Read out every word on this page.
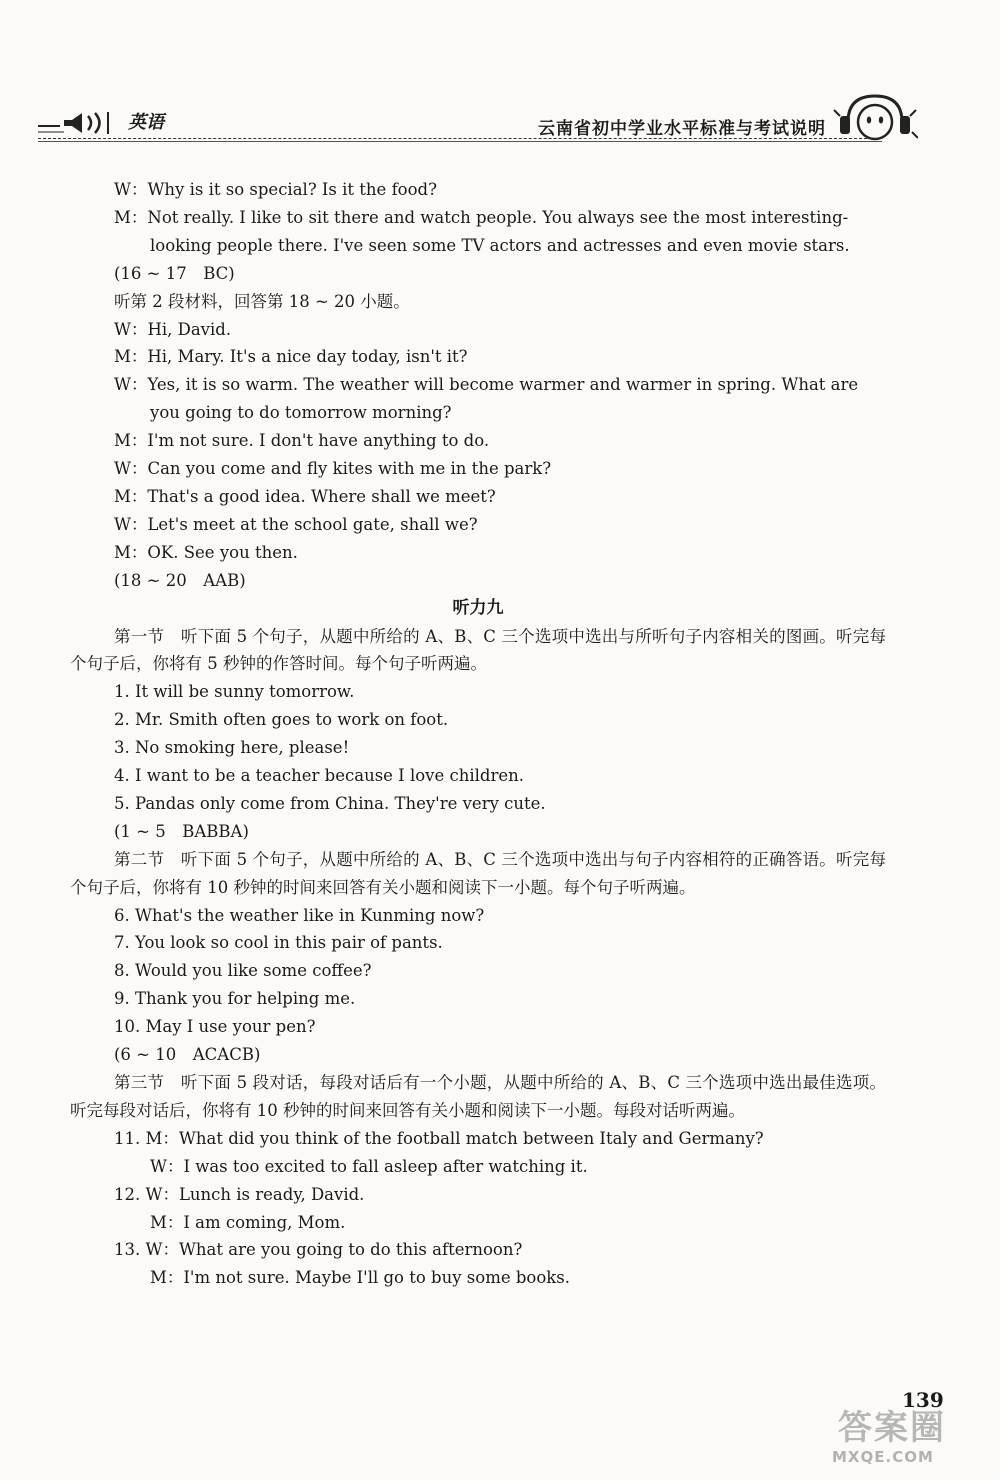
英语	云南省初中学业水平标准与考试说明
W：Why is it so special? Is it the food?
M：Not really. I like to sit there and watch people. You always see the most interesting-
looking people there. I've seen some TV actors and actresses and even movie stars.
(16 ~ 17　BC)
听第 2 段材料，回答第 18 ~ 20 小题。
W：Hi, David.
M：Hi, Mary. It's a nice day today, isn't it?
W：Yes, it is so warm. The weather will become warmer and warmer in spring. What are
you going to do tomorrow morning?
M：I'm not sure. I don't have anything to do.
W：Can you come and fly kites with me in the park?
M：That's a good idea. Where shall we meet?
W：Let's meet at the school gate, shall we?
M：OK. See you then.
(18 ~ 20　AAB)
听力九
第一节　听下面 5 个句子，从题中所给的 A、B、C 三个选项中选出与所听句子内容相关的图画。听完每个句子后，你将有 5 秒钟的作答时间。每个句子听两遍。
1. It will be sunny tomorrow.
2. Mr. Smith often goes to work on foot.
3. No smoking here, please!
4. I want to be a teacher because I love children.
5. Pandas only come from China. They're very cute.
(1 ~ 5　BABBA)
第二节　听下面 5 个句子，从题中所给的 A、B、C 三个选项中选出与句子内容相符的正确答语。听完每个句子后，你将有 10 秒钟的时间来回答有关小题和阅读下一小题。每个句子听两遍。
6. What's the weather like in Kunming now?
7. You look so cool in this pair of pants.
8. Would you like some coffee?
9. Thank you for helping me.
10. May I use your pen?
(6 ~ 10　ACACB)
第三节　听下面 5 段对话，每段对话后有一个小题，从题中所给的 A、B、C 三个选项中选出最佳选项。听完每段对话后，你将有 10 秒钟的时间来回答有关小题和阅读下一小题。每段对话听两遍。
11. M：What did you think of the football match between Italy and Germany?
W：I was too excited to fall asleep after watching it.
12. W：Lunch is ready, David.
M：I am coming, Mom.
13. W：What are you going to do this afternoon?
M：I'm not sure. Maybe I'll go to buy some books.
139
答案圈
MXQE.COM
